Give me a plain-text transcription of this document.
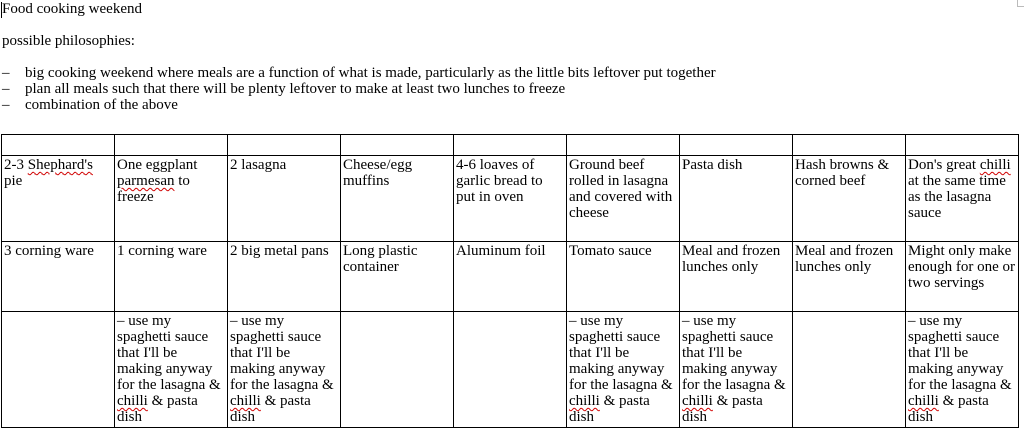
Food cooking weekend
possible philosophies:
– big cooking weekend where meals are a function of what is made, particularly as the little bits leftover put together
– plan all meals such that there will be plenty leftover to make at least two lunches to freeze
– combination of the above

2-3 Shephard's pie	One eggplant parmesan to freeze	2 lasagna	Cheese/egg muffins	4-6 loaves of garlic bread to put in oven	Ground beef rolled in lasagna and covered with cheese	Pasta dish	Hash browns & corned beef	Don's great chilli at the same time as the lasagna sauce
3 corning ware	1 corning ware	2 big metal pans	Long plastic container	Aluminum foil	Tomato sauce	Meal and frozen lunches only	Meal and frozen lunches only	Might only make enough for one or two servings
	– use my spaghetti sauce that I'll be making anyway for the lasagna & chilli & pasta dish	– use my spaghetti sauce that I'll be making anyway for the lasagna & chilli & pasta dish			– use my spaghetti sauce that I'll be making anyway for the lasagna & chilli & pasta dish	– use my spaghetti sauce that I'll be making anyway for the lasagna & chilli & pasta dish		– use my spaghetti sauce that I'll be making anyway for the lasagna & chilli & pasta dish
